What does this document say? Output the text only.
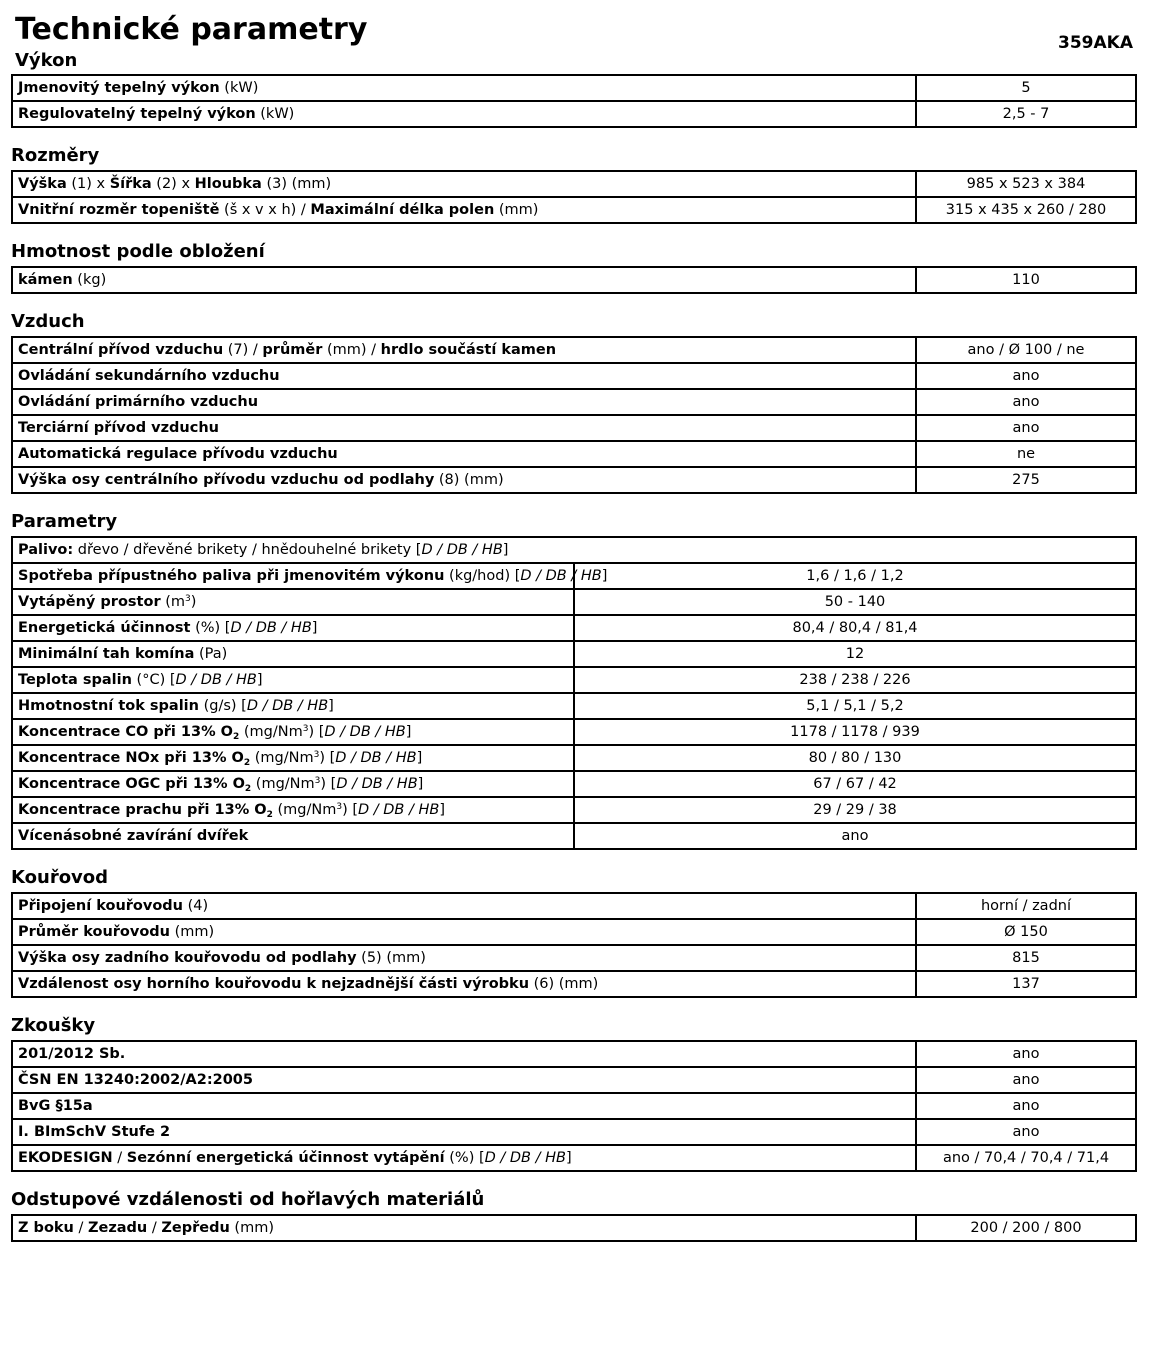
Technické parametry	359AKA
Výkon
Jmenovitý tepelný výkon (kW)	5
Regulovatelný tepelný výkon (kW)	2,5 - 7
Rozměry
Výška (1) x Šířka (2) x Hloubka (3) (mm)	985 x 523 x 384
Vnitřní rozměr topeniště (š x v x h) / Maximální délka polen (mm)	315 x 435 x 260 / 280
Hmotnost podle obložení
kámen (kg)	110
Vzduch
Centrální přívod vzduchu (7) / průměr (mm) / hrdlo součástí kamen	ano / Ø 100 / ne
Ovládání sekundárního vzduchu	ano
Ovládání primárního vzduchu	ano
Terciární přívod vzduchu	ano
Automatická regulace přívodu vzduchu	ne
Výška osy centrálního přívodu vzduchu od podlahy (8) (mm)	275
Parametry
Palivo: dřevo / dřevěné brikety / hnědouhelné brikety [D / DB / HB]	
Spotřeba přípustného paliva při jmenovitém výkonu (kg/hod) [D / DB / HB]	1,6 / 1,6 / 1,2
Vytápěný prostor $(m^3)$	50 - 140
Energetická účinnost (%) [D / DB / HB]	80,4 / 80,4 / 81,4
Minimální tah komína (Pa)	12
Teplota spalin (°C) [D / DB / HB]	238 / 238 / 226
Hmotnostní tok spalin (g/s) [D / DB / HB]	5,1 / 5,1 / 5,2
Koncentrace CO při 13% $O_2$ (mg/Nm$^3$) [D / DB / HB]	1178 / 1178 / 939
Koncentrace NOx při 13% $O_2$ (mg/Nm$^3$) [D / DB / HB]	80 / 80 / 130
Koncentrace OGC při 13% $O_2$ (mg/Nm$^3$) [D / DB / HB]	67 / 67 / 42
Koncentrace prachu při 13% $O_2$ (mg/Nm$^3$) [D / DB / HB]	29 / 29 / 38
Vícenásobné zavírání dvířek	ano
Kouřovod
Připojení kouřovodu (4)	horní / zadní
Průměr kouřovodu (mm)	Ø 150
Výška osy zadního kouřovodu od podlahy (5) (mm)	815
Vzdálenost osy horního kouřovodu k nejzadnější části výrobku (6) (mm)	137
Zkoušky
201/2012 Sb.	ano
ČSN EN 13240:2002/A2:2005	ano
BvG §15a	ano
I. BImSchV Stufe 2	ano
EKODESIGN / Sezónní energetická účinnost vytápění (%) [D / DB / HB]	ano / 70,4 / 70,4 / 71,4
Odstupové vzdálenosti od hořlavých materiálů
Z boku / Zezadu / Zepředu (mm)	200 / 200 / 800
